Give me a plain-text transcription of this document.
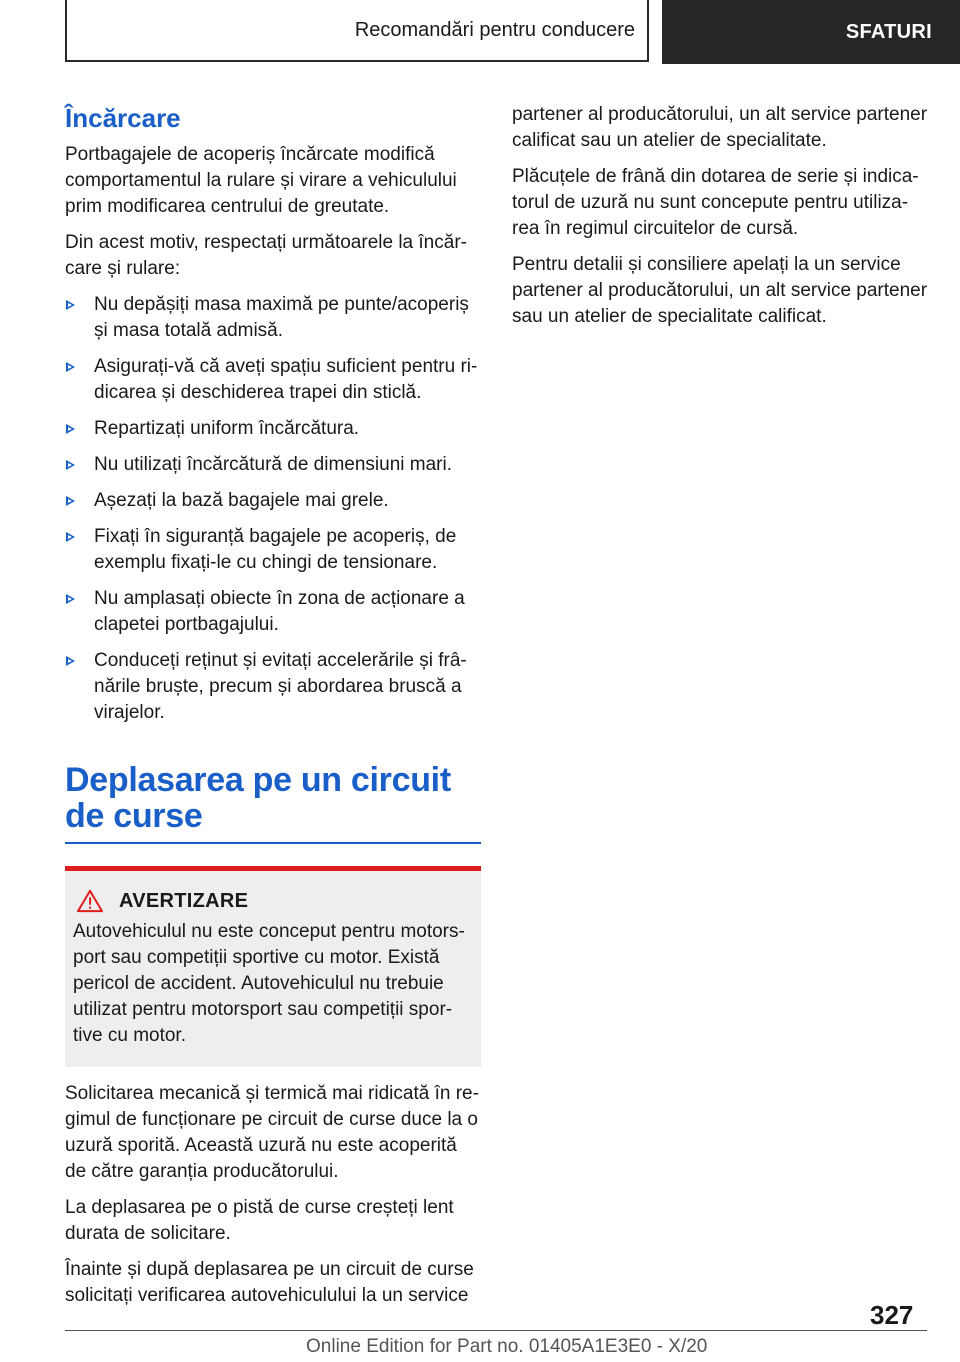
Recomandări pentru conducere	SFATURI
Încărcare

Portbagajele de acoperiș încărcate modifică comportamentul la rulare și virare a vehiculului prim modificarea centrului de greutate.

Din acest motiv, respectați următoarele la încăr-care și rulare:

Nu depășiți masa maximă pe punte/acoperiș și masa totală admisă.
Asigurați-vă că aveți spațiu suficient pentru ri-dicarea și deschiderea trapei din sticlă.
Repartizați uniform încărcătura.
Nu utilizați încărcătură de dimensiuni mari.
Așezați la bază bagajele mai grele.
Fixați în siguranță bagajele pe acoperiș, de exemplu fixați-le cu chingi de tensionare.
Nu amplasați obiecte în zona de acționare a clapetei portbagajului.
Conduceți reținut și evitați accelerările și frâ-nările bruște, precum și abordarea bruscă a virajelor.
Deplasarea pe un circuit de curse
AVERTIZARE

Autovehiculul nu este conceput pentru motors-port sau competiții sportive cu motor. Există pericol de accident. Autovehiculul nu trebuie utilizat pentru motorsport sau competiții spor-tive cu motor.

Solicitarea mecanică și termică mai ridicată în re-gimul de funcționare pe circuit de curse duce la o uzură sporită. Această uzură nu este acoperită de către garanția producătorului.

La deplasarea pe o pistă de curse creșteți lent durata de solicitare.

Înainte și după deplasarea pe un circuit de curse solicitați verificarea autovehiculului la un service

partener al producătorului, un alt service partener calificat sau un atelier de specialitate.

Plăcuțele de frână din dotarea de serie și indica-torul de uzură nu sunt concepute pentru utiliza-rea în regimul circuitelor de cursă.

Pentru detalii și consiliere apelați la un service partener al producătorului, un alt service partener sau un atelier de specialitate calificat.

327
Online Edition for Part no. 01405A1E3E0 - X/20
